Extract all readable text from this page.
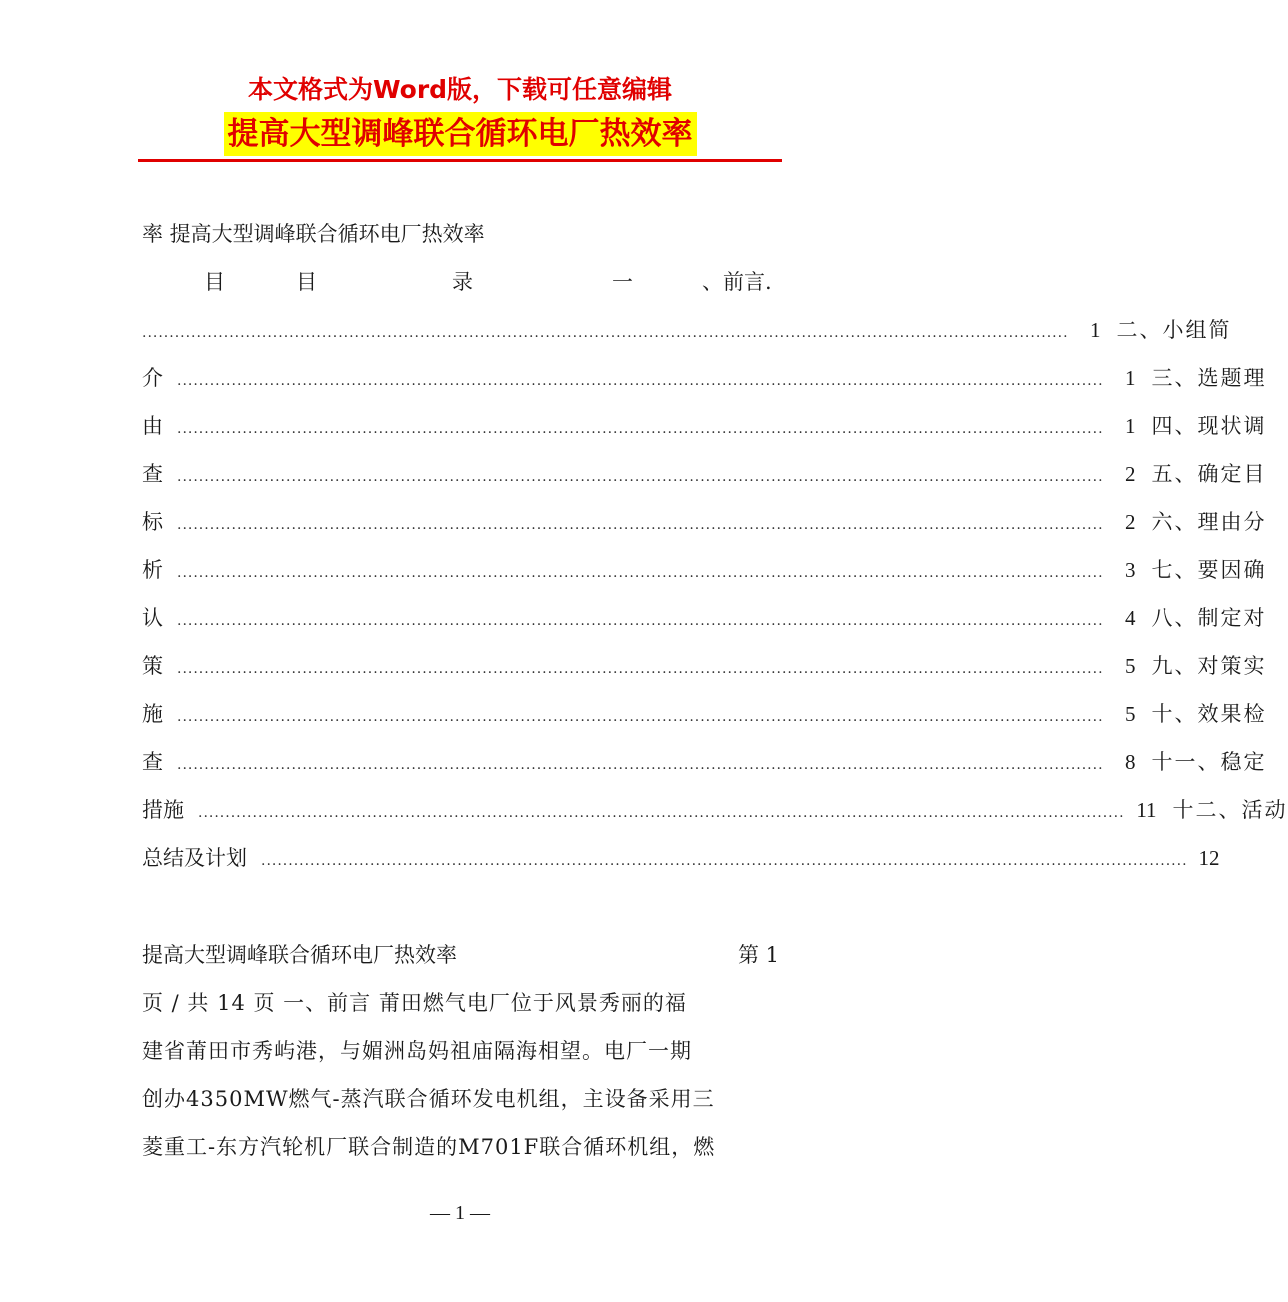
本文格式为Word版，下载可任意编辑
提高大型调峰联合循环电厂热效率
率 提高大型调峰联合循环电厂热效率
目	目	录	一	、前言.
..........................................................................................................................................................................	1 二、小组简
介 ..........................................................................................................................................................................	1 三、选题理
由 ..........................................................................................................................................................................	1 四、现状调
查 ..........................................................................................................................................................................	2 五、确定目
标 ..........................................................................................................................................................................	2 六、理由分
析 ..........................................................................................................................................................................	3 七、要因确
认 ..........................................................................................................................................................................	4 八、制定对
策 ..........................................................................................................................................................................	5 九、对策实
施 ..........................................................................................................................................................................	5 十、效果检
查 ..........................................................................................................................................................................	8 十一、稳定
措施 .......................................................................................................................................................................... 11 十二、活动
总结及计划 .......................................................................................................................................................................... 12
提高大型调峰联合循环电厂热效率	第 1
页 / 共 14 页 一、前言 莆田燃气电厂位于风景秀丽的福
建省莆田市秀屿港，与媚洲岛妈祖庙隔海相望。电厂一期
创办4350MW燃气-蒸汽联合循环发电机组，主设备采用三
菱重工-东方汽轮机厂联合制造的M701F联合循环机组，燃
— 1 —
